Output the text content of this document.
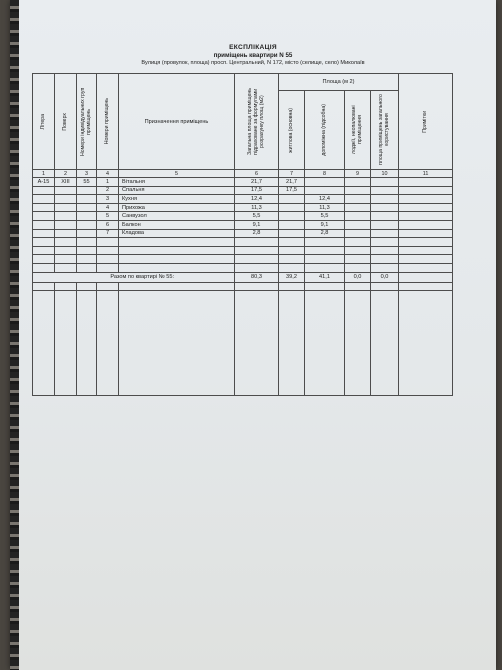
ЕКСПЛІКАЦІЯ
приміщень квартири N 55
Вулиця (провулок, площа) просп. Центральний, N 172, місто (селище, село) Миколаїв
Літера	Поверх	Номери індивідуальних груп приміщень	Номери приміщень	Призначення приміщень	Загальна площа приміщень підраховане за формулами розрахунку площ (м2)	Площа (м 2)				Примітки

						житлова (основна)	допоміжна (підсобна)	лоджії, неопалювані приміщення	площа приміщень загального користування	

1	2	3	4	5	6	7	8	9	10	11
А-15	XIII	55	1	Вітальня	21,7	21,7				
			2	Спальня	17,5	17,5				
			3	Кухня	12,4		12,4			
			4	Прихожа	11,3		11,3			
			5	Санвузол	5,5		5,5			
			6	Балкон	9,1		9,1			
			7	Кладова	2,8		2,8			

Разом по квартирі № 55:					80,3	39,2	41,1	0,0	0,0	
